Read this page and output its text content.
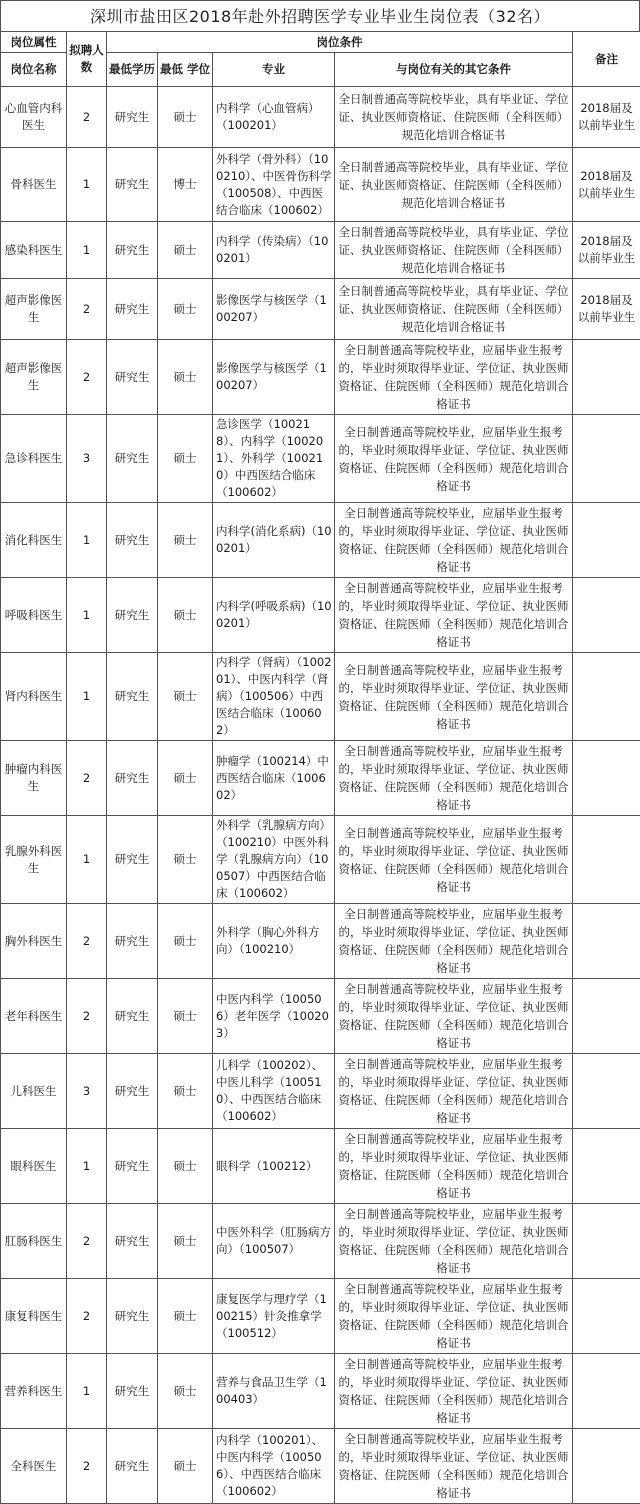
深圳市盐田区2018年赴外招聘医学专业毕业生岗位表（32名）
岗位属性	拟聘人数	岗位条件				备注
岗位名称		最低学历	最低 学位	专业	与岗位有关的其它条件	
心血管内科医生	2	研究生	硕士	内科学（心血管病）（100201）	全日制普通高等院校毕业，具有毕业证、学位证、执业医师资格证、住院医师（全科医师）规范化培训合格证书	2018届及以前毕业生
骨科医生	1	研究生	博士	外科学（骨外科）（100210）、中医骨伤科学（100508）、中西医结合临床（100602）	全日制普通高等院校毕业，具有毕业证、学位证、执业医师资格证、住院医师（全科医师）规范化培训合格证书	2018届及以前毕业生
感染科医生	1	研究生	硕士	内科学（传染病）（100201）	全日制普通高等院校毕业，具有毕业证、学位证、执业医师资格证、住院医师（全科医师）规范化培训合格证书	2018届及以前毕业生
超声影像医生	2	研究生	硕士	影像医学与核医学（100207）	全日制普通高等院校毕业，具有毕业证、学位证、执业医师资格证、住院医师（全科医师）规范化培训合格证书	2018届及以前毕业生
超声影像医生	2	研究生	硕士	影像医学与核医学（100207）	全日制普通高等院校毕业，应届毕业生报考的，毕业时须取得毕业证、学位证、执业医师资格证、住院医师（全科医师）规范化培训合格证书	
急诊科医生	3	研究生	硕士	急诊医学（100218）、内科学（100201）、外科学（100210）中西医结合临床（100602）	全日制普通高等院校毕业，应届毕业生报考的，毕业时须取得毕业证、学位证、执业医师资格证、住院医师（全科医师）规范化培训合格证书	
消化科医生	1	研究生	硕士	内科学(消化系病)（100201）	全日制普通高等院校毕业，应届毕业生报考的，毕业时须取得毕业证、学位证、执业医师资格证、住院医师（全科医师）规范化培训合格证书	
呼吸科医生	1	研究生	硕士	内科学(呼吸系病)（100201）	全日制普通高等院校毕业，应届毕业生报考的，毕业时须取得毕业证、学位证、执业医师资格证、住院医师（全科医师）规范化培训合格证书	
肾内科医生	1	研究生	硕士	内科学（肾病）（100201）、中医内科学（肾病）（100506）中西医结合临床（100602）	全日制普通高等院校毕业，应届毕业生报考的，毕业时须取得毕业证、学位证、执业医师资格证、住院医师（全科医师）规范化培训合格证书	
肿瘤内科医生	2	研究生	硕士	肿瘤学（100214）中西医结合临床（100602）	全日制普通高等院校毕业，应届毕业生报考的，毕业时须取得毕业证、学位证、执业医师资格证、住院医师（全科医师）规范化培训合格证书	
乳腺外科医生	1	研究生	硕士	外科学（乳腺病方向）（100210）中医外科学（乳腺病方向）（100507）中西医结合临床（100602）	全日制普通高等院校毕业，应届毕业生报考的，毕业时须取得毕业证、学位证、执业医师资格证、住院医师（全科医师）规范化培训合格证书	
胸外科医生	2	研究生	硕士	外科学（胸心外科方向）（100210）	全日制普通高等院校毕业，应届毕业生报考的，毕业时须取得毕业证、学位证、执业医师资格证、住院医师（全科医师）规范化培训合格证书	
老年科医生	2	研究生	硕士	中医内科学（100506）老年医学（100203）	全日制普通高等院校毕业，应届毕业生报考的，毕业时须取得毕业证、学位证、执业医师资格证、住院医师（全科医师）规范化培训合格证书	
儿科医生	3	研究生	硕士	儿科学（100202）、中医儿科学（100510）、中西医结合临床（100602）	全日制普通高等院校毕业，应届毕业生报考的，毕业时须取得毕业证、学位证、执业医师资格证、住院医师（全科医师）规范化培训合格证书	
眼科医生	1	研究生	硕士	眼科学（100212）	全日制普通高等院校毕业，应届毕业生报考的，毕业时须取得毕业证、学位证、执业医师资格证、住院医师（全科医师）规范化培训合格证书	
肛肠科医生	2	研究生	硕士	中医外科学（肛肠病方向）（100507）	全日制普通高等院校毕业，应届毕业生报考的，毕业时须取得毕业证、学位证、执业医师资格证、住院医师（全科医师）规范化培训合格证书	
康复科医生	2	研究生	硕士	康复医学与理疗学（100215）针灸推拿学（100512）	全日制普通高等院校毕业，应届毕业生报考的，毕业时须取得毕业证、学位证、执业医师资格证、住院医师（全科医师）规范化培训合格证书	
营养科医生	1	研究生	硕士	营养与食品卫生学（100403）	全日制普通高等院校毕业，应届毕业生报考的，毕业时须取得毕业证、学位证、执业医师资格证、住院医师（全科医师）规范化培训合格证书	
全科医生	2	研究生	硕士	内科学（100201）、中医内科学（100506）、中西医结合临床（100602）	全日制普通高等院校毕业，应届毕业生报考的，毕业时须取得毕业证、学位证、执业医师资格证、住院医师（全科医师）规范化培训合格证书	
